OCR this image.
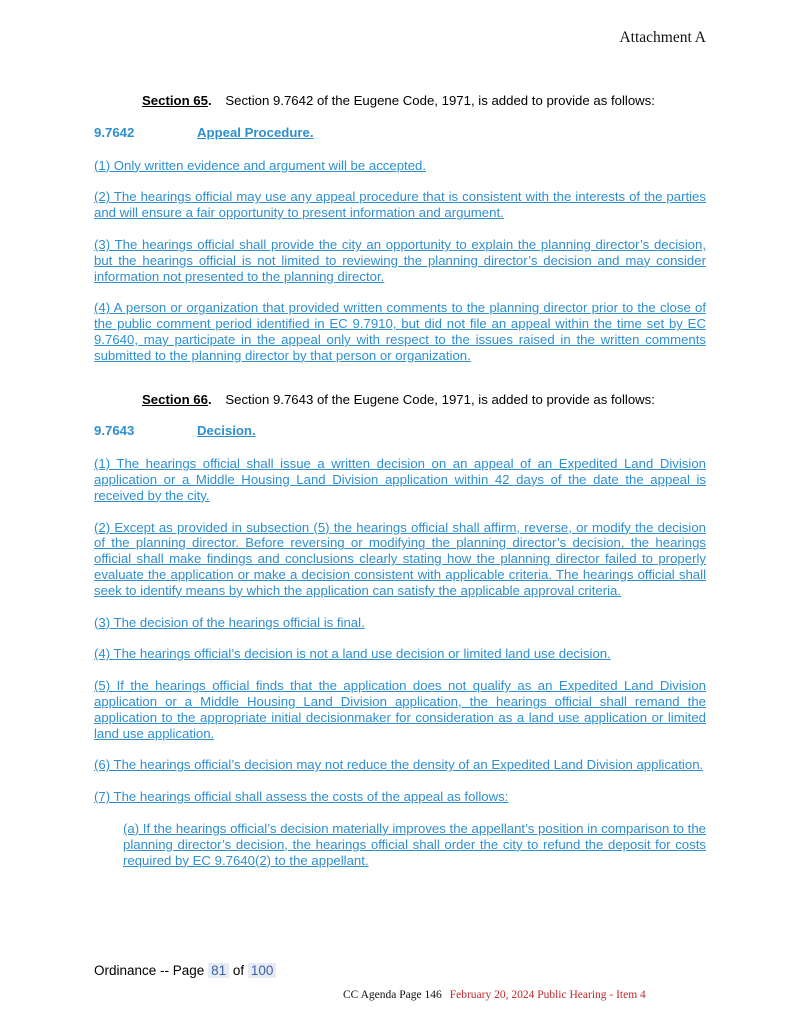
Attachment A
Section 65. Section 9.7642 of the Eugene Code, 1971, is added to provide as follows:
9.7642	Appeal Procedure.

(1) Only written evidence and argument will be accepted.

(2) The hearings official may use any appeal procedure that is consistent with the interests of the parties and will ensure a fair opportunity to present information and argument.

(3) The hearings official shall provide the city an opportunity to explain the planning director’s decision, but the hearings official is not limited to reviewing the planning director’s decision and may consider information not presented to the planning director.

(4) A person or organization that provided written comments to the planning director prior to the close of the public comment period identified in EC 9.7910, but did not file an appeal within the time set by EC 9.7640, may participate in the appeal only with respect to the issues raised in the written comments submitted to the planning director by that person or organization.

Section 66. Section 9.7643 of the Eugene Code, 1971, is added to provide as follows:
9.7643	Decision.

(1) The hearings official shall issue a written decision on an appeal of an Expedited Land Division application or a Middle Housing Land Division application within 42 days of the date the appeal is received by the city.

(2) Except as provided in subsection (5) the hearings official shall affirm, reverse, or modify the decision of the planning director. Before reversing or modifying the planning director’s decision, the hearings official shall make findings and conclusions clearly stating how the planning director failed to properly evaluate the application or make a decision consistent with applicable criteria. The hearings official shall seek to identify means by which the application can satisfy the applicable approval criteria.

(3) The decision of the hearings official is final.

(4) The hearings official’s decision is not a land use decision or limited land use decision.

(5) If the hearings official finds that the application does not qualify as an Expedited Land Division application or a Middle Housing Land Division application, the hearings official shall remand the application to the appropriate initial decisionmaker for consideration as a land use application or limited land use application.

(6) The hearings official’s decision may not reduce the density of an Expedited Land Division application.

(7) The hearings official shall assess the costs of the appeal as follows:

(a) If the hearings official’s decision materially improves the appellant’s position in comparison to the planning director’s decision, the hearings official shall order the city to refund the deposit for costs required by EC 9.7640(2) to the appellant.

Ordinance -- Page 81 of 100
CC Agenda Page 146 February 20, 2024 Public Hearing - Item 4
